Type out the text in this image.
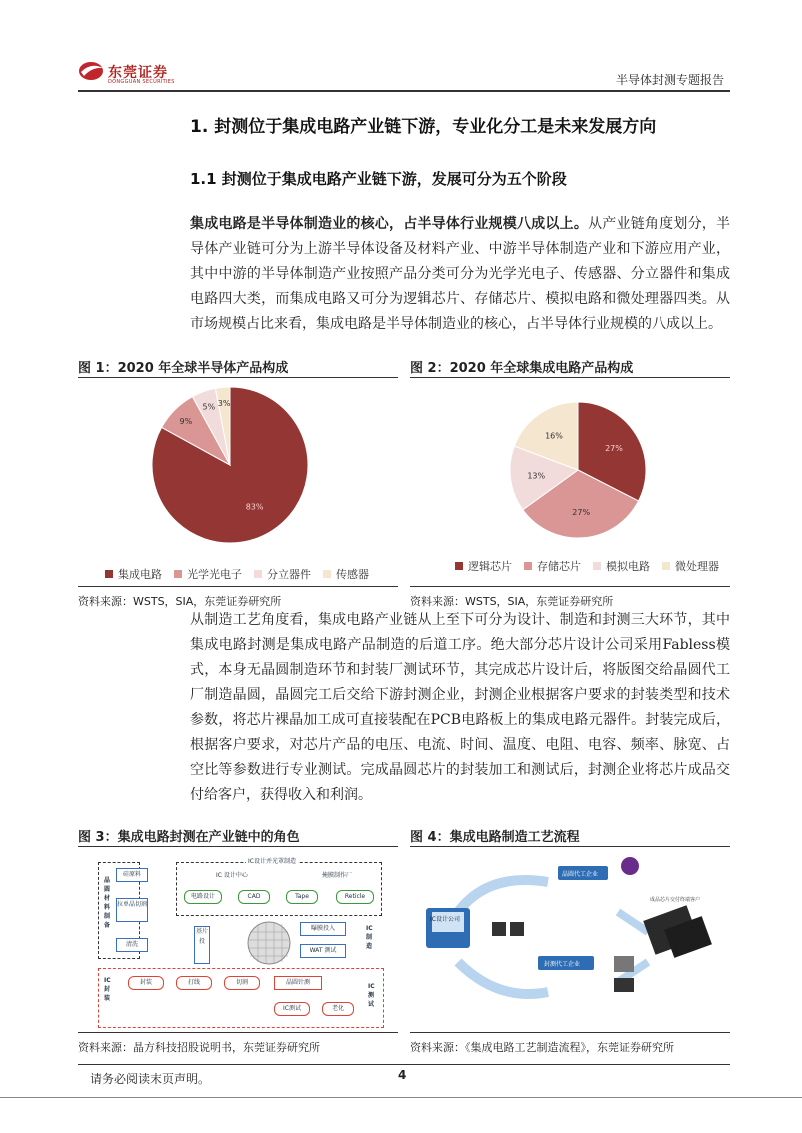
东莞证券
DONGGUAN SECURITIES	半导体封测专题报告
1. 封测位于集成电路产业链下游，专业化分工是未来发展方向
1.1 封测位于集成电路产业链下游，发展可分为五个阶段
集成电路是半导体制造业的核心，占半导体行业规模八成以上。从产业链角度划分，半导体产业链可分为上游半导体设备及材料产业、中游半导体制造产业和下游应用产业，其中中游的半导体制造产业按照产品分类可分为光学光电子、传感器、分立器件和集成电路四大类，而集成电路又可分为逻辑芯片、存储芯片、模拟电路和微处理器四类。从市场规模占比来看，集成电路是半导体制造业的核心，占半导体行业规模的八成以上。
图 1：2020 年全球半导体产品构成
83%
9%
5% 3%
集成电路 光学光电子 分立器件 传感器
资料来源：WSTS，SIA，东莞证券研究所
图 2：2020 年全球集成电路产品构成
27%
27%
13%
16%
逻辑芯片 存储芯片 模拟电路 微处理器
资料来源：WSTS，SIA，东莞证券研究所
从制造工艺角度看，集成电路产业链从上至下可分为设计、制造和封测三大环节，其中集成电路封测是集成电路产品制造的后道工序。绝大部分芯片设计公司采用Fabless模式，本身无晶圆制造环节和封装厂测试环节，其完成芯片设计后，将版图交给晶圆代工厂制造晶圆，晶圆完工后交给下游封测企业，封测企业根据客户要求的封装类型和技术参数，将芯片裸晶加工成可直接装配在PCB电路板上的集成电路元器件。封装完成后，根据客户要求，对芯片产品的电压、电流、时间、温度、电阻、电容、频率、脉宽、占空比等参数进行专业测试。完成晶圆芯片的封装加工和测试后，封测企业将芯片成品交付给客户，获得收入和利润。
图 3：集成电路封测在产业链中的角色
晶圆材料制备
硅原料
拉单晶切割
清洗
IC设计并光罩制造
IC 设计中心	掩膜制作厂
电路设计	CAD	Tape	Reticle
基片投
曝膜投入
WAT 测试
IC制造
IC封装
IC测试
封装	打线	切割	晶圆针测
IC测试	老化
资料来源：晶方科技招股说明书，东莞证券研究所
图 4：集成电路制造工艺流程
IC设计公司
晶圆代工企业
封测代工企业
成品芯片交付终端客户
资料来源：《集成电路工艺制造流程》，东莞证券研究所
请务必阅读末页声明。	4
